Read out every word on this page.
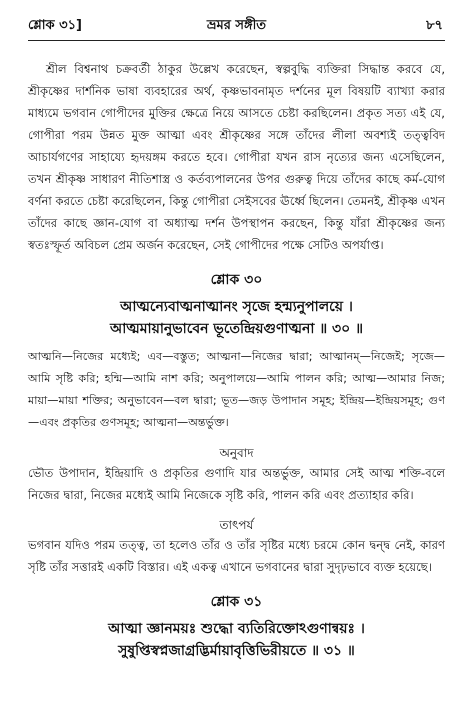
শ্লোক ৩১]	ভ্রমর সঙ্গীত	৮৭

শ্রীল বিশ্বনাথ চক্রবর্তী ঠাকুর উল্লেখ করেছেন, স্বল্পবুদ্ধি ব্যক্তিরা সিদ্ধান্ত করবে যে, শ্রীকৃষ্ণের দার্শনিক ভাষা ব্যবহারের অর্থ, কৃষ্ণভাবনামৃত দর্শনের মূল বিষয়টি ব্যাখ্যা করার মাধ্যমে ভগবান গোপীদের মুক্তির ক্ষেত্রে নিয়ে আসতে চেষ্টা করছিলেন। প্রকৃত সত্য এই যে, গোপীরা পরম উন্নত মুক্ত আত্মা এবং শ্রীকৃষ্ণের সঙ্গে তাঁদের লীলা অবশ্যই তত্ত্ববিদ আচার্যগণের সাহায্যে হৃদয়ঙ্গম করতে হবে। গোপীরা যখন রাস নৃত্যের জন্য এসেছিলেন, তখন শ্রীকৃষ্ণ সাধারণ নীতিশাস্ত্র ও কর্তব্যপালনের উপর গুরুত্ব দিয়ে তাঁদের কাছে কর্ম-যোগ বর্ণনা করতে চেষ্টা করেছিলেন, কিন্তু গোপীরা সেইসবের ঊর্ধ্বে ছিলেন। তেমনই, শ্রীকৃষ্ণ এখন তাঁদের কাছে জ্ঞান-যোগ বা অধ্যাত্ম দর্শন উপস্থাপন করছেন, কিন্তু যাঁরা শ্রীকৃষ্ণের জন্য স্বতঃস্ফূর্ত অবিচল প্রেম অর্জন করেছেন, সেই গোপীদের পক্ষে সেটিও অপর্যাপ্ত।

শ্লোক ৩০
আত্মন্যেবাত্মনাত্মানং সৃজে হন্ম্যনুপালয়ে ।
আত্মমায়ানুভাবেন ভূতেন্দ্রিয়গুণাত্মনা ॥ ৩০ ॥

আত্মনি—নিজের মধ্যেই; এব—বস্তুত; আত্মনা—নিজের দ্বারা; আত্মানম্—নিজেই; সৃজে—আমি সৃষ্টি করি; হন্মি—আমি নাশ করি; অনুপালয়ে—আমি পালন করি; আত্ম—আমার নিজ; মায়া—মায়া শক্তির; অনুভাবেন—বল দ্বারা; ভূত—জড় উপাদান সমূহ; ইন্দ্রিয়—ইন্দ্রিয়সমূহ; গুণ—এবং প্রকৃতির গুণসমূহ; আত্মনা—অন্তর্ভুক্ত।

অনুবাদ

ভৌত উপাদান, ইন্দ্রিয়াদি ও প্রকৃতির গুণাদি যার অন্তর্ভুক্ত, আমার সেই আত্ম শক্তি-বলে নিজের দ্বারা, নিজের মধ্যেই আমি নিজেকে সৃষ্টি করি, পালন করি এবং প্রত্যাহার করি।

তাৎপর্য

ভগবান যদিও পরম তত্ত্ব, তা হলেও তাঁর ও তাঁর সৃষ্টির মধ্যে চরমে কোন দ্বন্দ্ব নেই, কারণ সৃষ্টি তাঁর সত্তারই একটি বিস্তার। এই একত্ব এখানে ভগবানের দ্বারা সুদৃঢ়ভাবে ব্যক্ত হয়েছে।

শ্লোক ৩১
আত্মা জ্ঞানময়ঃ শুদ্ধো ব্যতিরিক্তোঽগুণান্বয়ঃ ।
সুষুপ্তিস্বপ্নজাগ্রদ্ভির্মায়াবৃত্তিভিরীয়তে ॥ ৩১ ॥
